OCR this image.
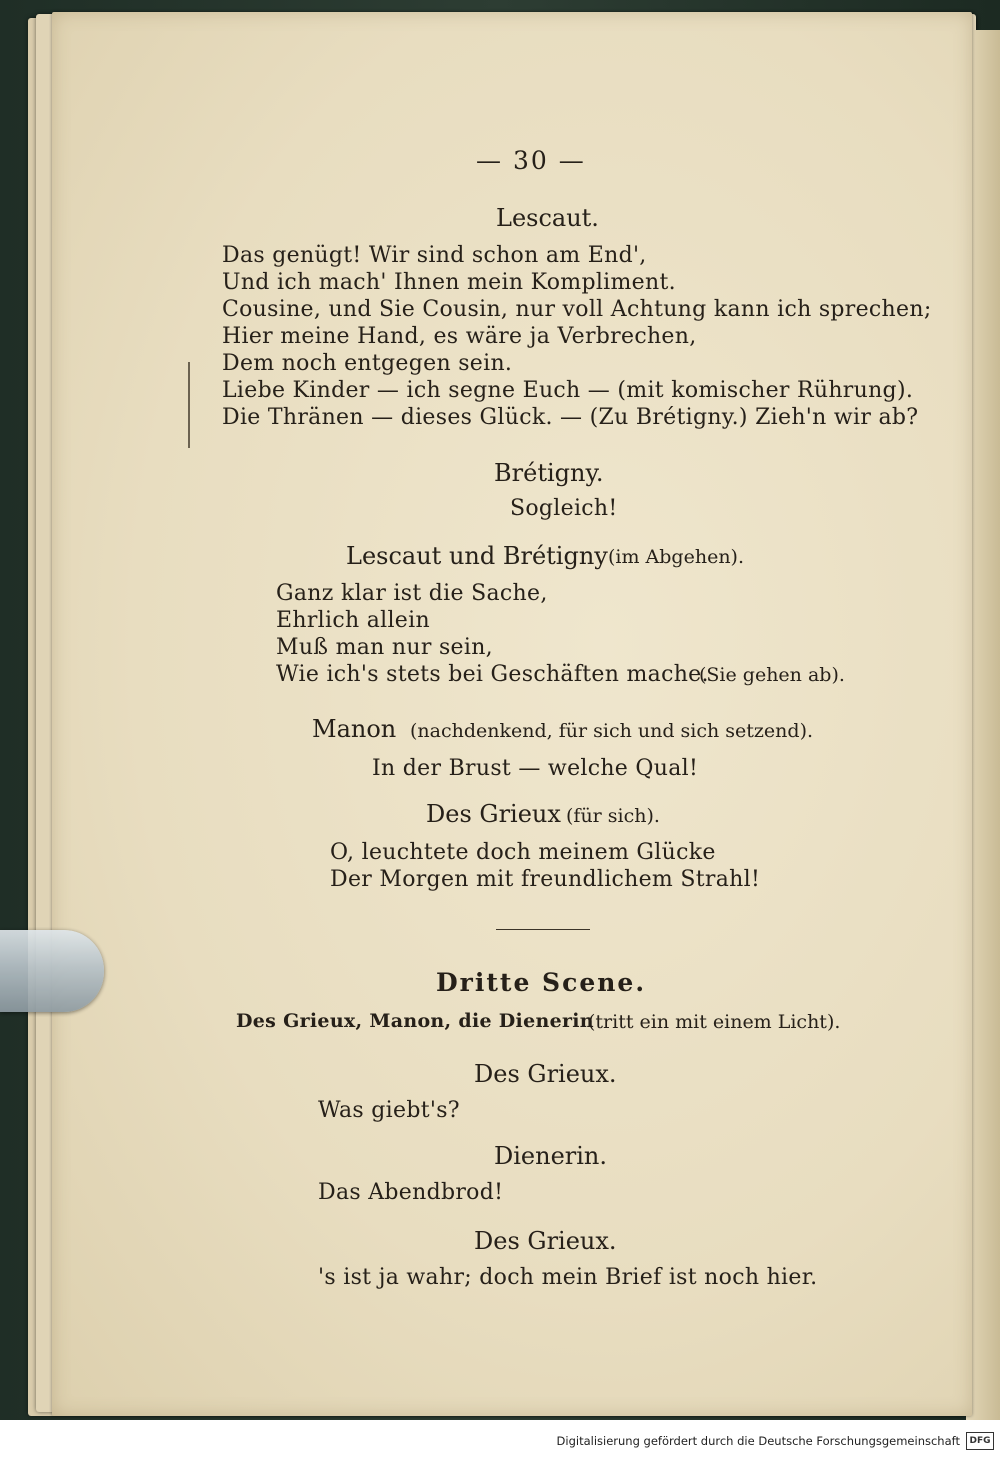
— 30 —
Lescaut.
Das genügt! Wir sind schon am End',
Und ich mach' Ihnen mein Kompliment.
Cousine, und Sie Cousin, nur voll Achtung kann ich sprechen;
Hier meine Hand, es wäre ja Verbrechen,
Dem noch entgegen sein.
Liebe Kinder — ich segne Euch — (mit komischer Rührung).
Die Thränen — dieses Glück. — (Zu Brétigny.) Zieh'n wir ab?
Brétigny.
Sogleich!
Lescaut und Brétigny (im Abgehen).
Ganz klar ist die Sache,
Ehrlich allein
Muß man nur sein,
Wie ich's stets bei Geschäften mache.
(Sie gehen ab).
Manon (nachdenkend, für sich und sich setzend).
In der Brust — welche Qual!
Des Grieux (für sich).
O, leuchtete doch meinem Glücke
Der Morgen mit freundlichem Strahl!
Dritte Scene.
Des Grieux, Manon, die Dienerin
(tritt ein mit einem Licht).
Des Grieux.
Was giebt's?
Dienerin.
Das Abendbrod!
Des Grieux.
's ist ja wahr; doch mein Brief ist noch hier.
Digitalisierung gefördert durch die Deutsche Forschungsgemeinschaft	DFG
